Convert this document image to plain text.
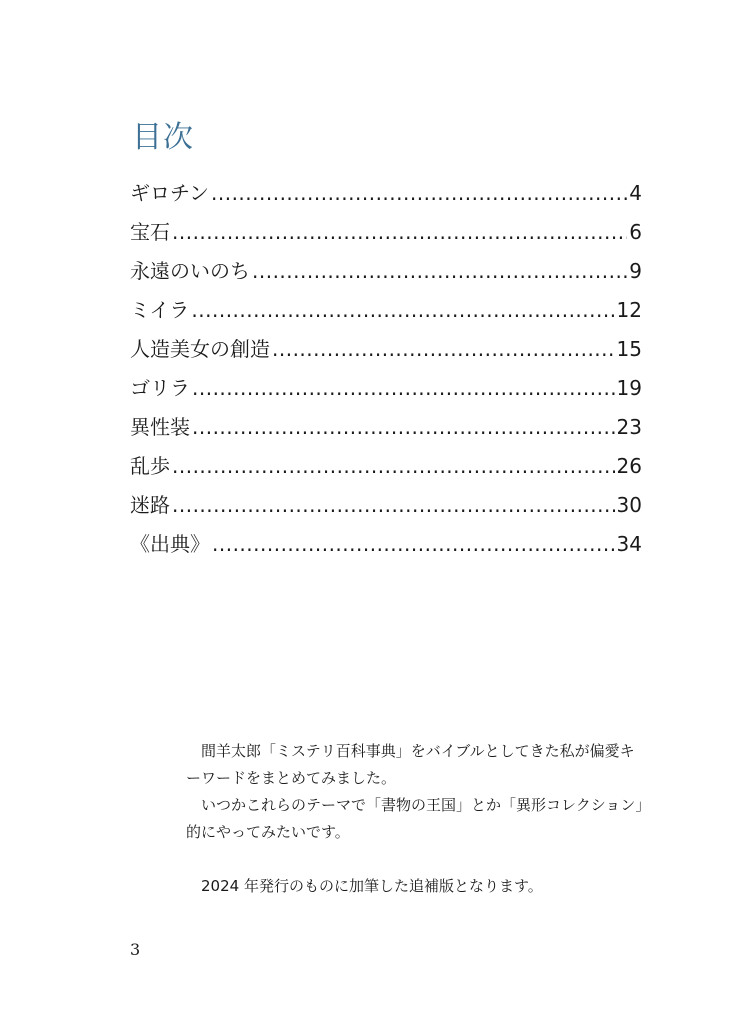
目次
ギロチン .....	4
宝石 .....	6
永遠のいのち .....	9
ミイラ .....	12
人造美女の創造 .....	15
ゴリラ .....	19
異性装 .....	23
乱歩 .....	26
迷路 .....	30
《出典》 .....	34

間羊太郎「ミステリ百科事典」をバイブルとしてきた私が偏愛キーワードをまとめてみました。

いつかこれらのテーマで「書物の王国」とか「異形コレクション」的にやってみたいです。

2024 年発行のものに加筆した追補版となります。

3
